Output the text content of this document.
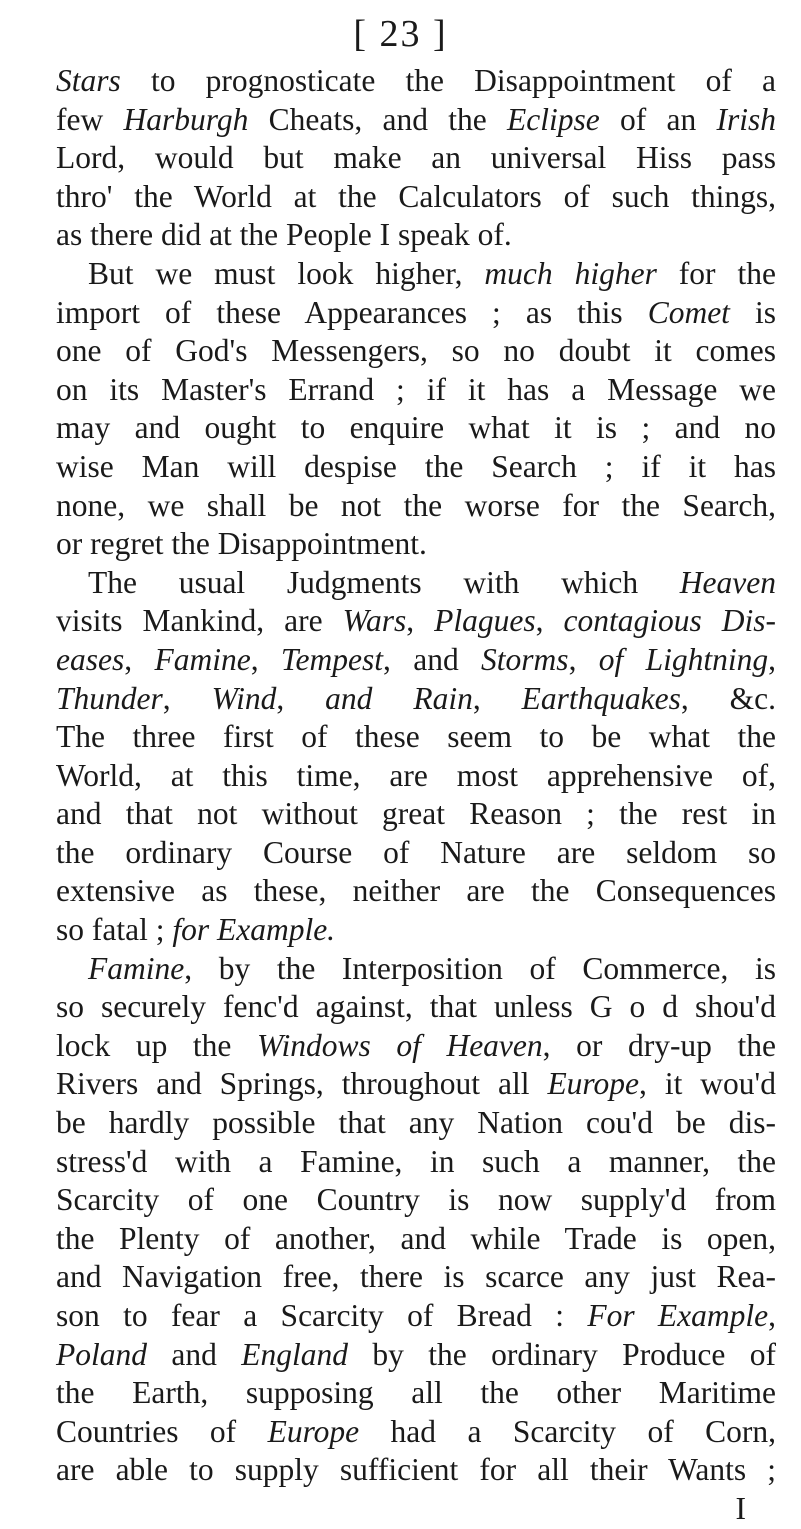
[ 23 ]
Stars to prognosticate the Disappointment of a
few Harburgh Cheats, and the Eclipse of an Irish
Lord, would but make an universal Hiss pass
thro' the World at the Calculators of such things,
as there did at the People I speak of.
But we must look higher, much higher for the
import of these Appearances ; as this Comet is
one of God's Messengers, so no doubt it comes
on its Master's Errand ; if it has a Message we
may and ought to enquire what it is ; and no
wise Man will despise the Search ; if it has
none, we shall be not the worse for the Search,
or regret the Disappointment.
The usual Judgments with which Heaven
visits Mankind, are Wars, Plagues, contagious Dis-
eases, Famine, Tempest, and Storms, of Lightning,
Thunder, Wind, and Rain, Earthquakes, &c.
The three first of these seem to be what the
World, at this time, are most apprehensive of,
and that not without great Reason ; the rest in
the ordinary Course of Nature are seldom so
extensive as these, neither are the Consequences
so fatal ; for Example.
Famine, by the Interposition of Commerce, is
so securely fenc'd against, that unless G o d shou'd
lock up the Windows of Heaven, or dry-up the
Rivers and Springs, throughout all Europe, it wou'd
be hardly possible that any Nation cou'd be dis-
stress'd with a Famine, in such a manner, the
Scarcity of one Country is now supply'd from
the Plenty of another, and while Trade is open,
and Navigation free, there is scarce any just Rea-
son to fear a Scarcity of Bread : For Example,
Poland and England by the ordinary Produce of
the Earth, supposing all the other Maritime
Countries of Europe had a Scarcity of Corn,
are able to supply sufficient for all their Wants ;
I
